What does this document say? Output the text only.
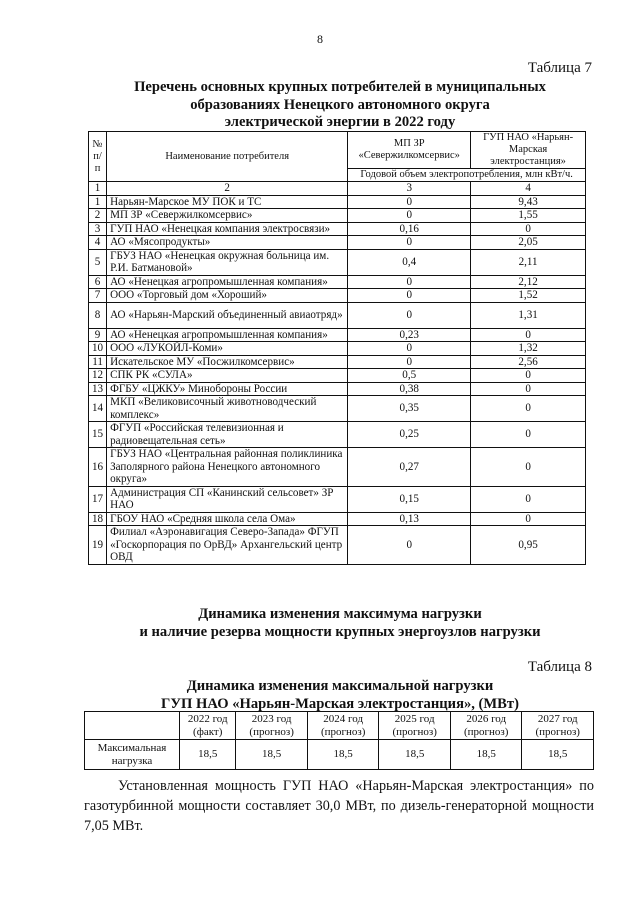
8
Таблица 7
Перечень основных крупных потребителей в муниципальных
образованиях Ненецкого автономного округа
электрической энергии в 2022 году
№ п/п	Наименование потребителя	МП ЗР «Севержилкомсервис»	ГУП НАО «Нарьян-Марская электростанция»
		Годовой объем электропотребления, млн кВт/ч.	
1	2	3	4
1	Нарьян-Марское МУ ПОК и ТС	0	9,43
2	МП ЗР «Севержилкомсервис»	0	1,55
3	ГУП НАО «Ненецкая компания электросвязи»	0,16	0
4	АО «Мясопродукты»	0	2,05
5	ГБУЗ НАО «Ненецкая окружная больница им. Р.И. Батмановой»	0,4	2,11
6	АО «Ненецкая агропромышленная компания»	0	2,12
7	ООО «Торговый дом «Хороший»	0	1,52
8	АО «Нарьян-Марский объединенный авиаотряд»	0	1,31
9	АО «Ненецкая агропромышленная компания»	0,23	0
10	ООО «ЛУКОЙЛ-Коми»	0	1,32
11	Искательское МУ «Посжилкомсервис»	0	2,56
12	СПК РК «СУЛА»	0,5	0
13	ФГБУ «ЦЖКУ» Минобороны России	0,38	0
14	МКП «Великовисочный животноводческий комплекс»	0,35	0
15	ФГУП «Российская телевизионная и радиовещательная сеть»	0,25	0
16	ГБУЗ НАО «Центральная районная поликлиника Заполярного района Ненецкого автономного округа»	0,27	0
17	Администрация СП «Канинский сельсовет» ЗР НАО	0,15	0
18	ГБОУ НАО «Средняя школа села Ома»	0,13	0
19	Филиал «Аэронавигация Северо-Запада» ФГУП «Госкорпорация по ОрВД» Архангельский центр ОВД	0	0,95
Динамика изменения максимума нагрузки
и наличие резерва мощности крупных энергоузлов нагрузки
Таблица 8
Динамика изменения максимальной нагрузки
ГУП НАО «Нарьян-Марская электростанция», (МВт)
	2022 год (факт)	2023 год (прогноз)	2024 год (прогноз)	2025 год (прогноз)	2026 год (прогноз)	2027 год (прогноз)
Максимальная нагрузка	18,5	18,5	18,5	18,5	18,5	18,5
Установленная мощность ГУП НАО «Нарьян-Марская электростанция» по газотурбинной мощности составляет 30,0 МВт, по дизель-генераторной мощности 7,05 МВт.
